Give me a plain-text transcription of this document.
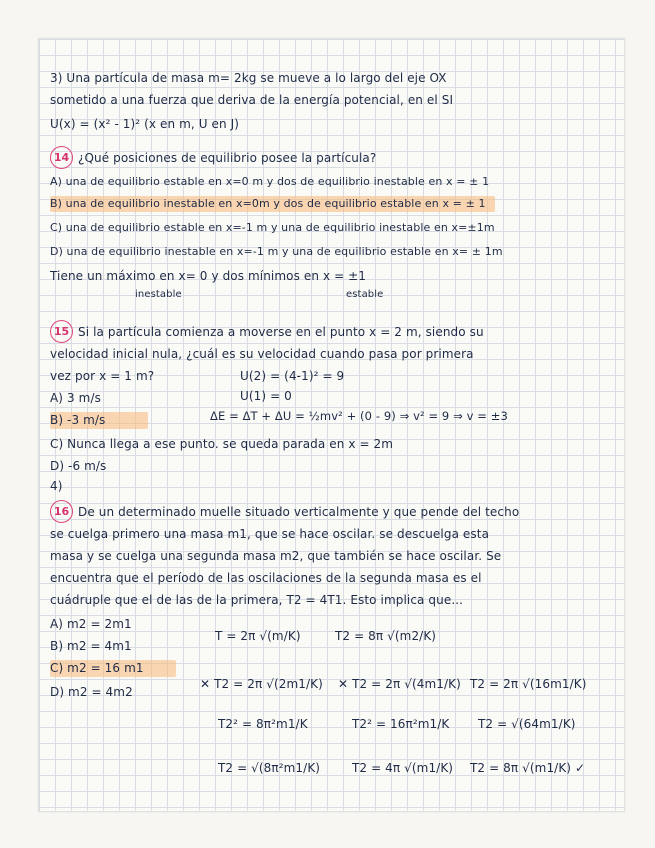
3) Una partícula de masa m= 2kg se mueve a lo largo del eje OX
sometido a una fuerza que deriva de la energía potencial, en el SI
U(x) = (x² - 1)² (x en m, U en J)
14 ¿Qué posiciones de equilibrio posee la partícula?
A) una de equilibrio estable en x=0 m y dos de equilibrio inestable en x = ± 1
B) una de equilibrio inestable en x=0m y dos de equilibrio estable en x = ± 1
C) una de equilibrio estable en x=-1 m y una de equilibrio inestable en x=±1m
D) una de equilibrio inestable en x=-1 m y una de equilibrio estable en x= ± 1m
Tiene un máximo en x= 0 y dos mínimos en x = ±1
inestable	estable
15 Si la partícula comienza a moverse en el punto x = 2 m, siendo su
velocidad inicial nula, ¿cuál es su velocidad cuando pasa por primera
vez por x = 1 m?	U(2) = (4-1)² = 9
A) 3 m/s	U(1) = 0
B) -3 m/s	ΔE = ΔT + ΔU = ½mv² + (0 - 9) ⇒ v² = 9 ⇒ v = ±3
C) Nunca llega a ese punto. se queda parada en x = 2m
D) -6 m/s
4)
16 De un determinado muelle situado verticalmente y que pende del techo
se cuelga primero una masa m1, que se hace oscilar. se descuelga esta
masa y se cuelga una segunda masa m2, que también se hace oscilar. Se
encuentra que el período de las oscilaciones de la segunda masa es el
cuádruple que el de las de la primera, T2 = 4T1. Esto implica que...
A) m2 = 2m1
B) m2 = 4m1
C) m2 = 16 m1
D) m2 = 4m2
T = 2π √(m/K)	T2 = 8π √(m2/K)
✕ T2 = 2π √(2m1/K) ✕ T2 = 2π √(4m1/K) T2 = 2π √(16m1/K)
T2² = 8π²m1/K	T2² = 16π²m1/K T2 = √(64m1/K)
T2 = √(8π²m1/K)	T2 = 4π √(m1/K) T2 = 8π √(m1/K) ✓
